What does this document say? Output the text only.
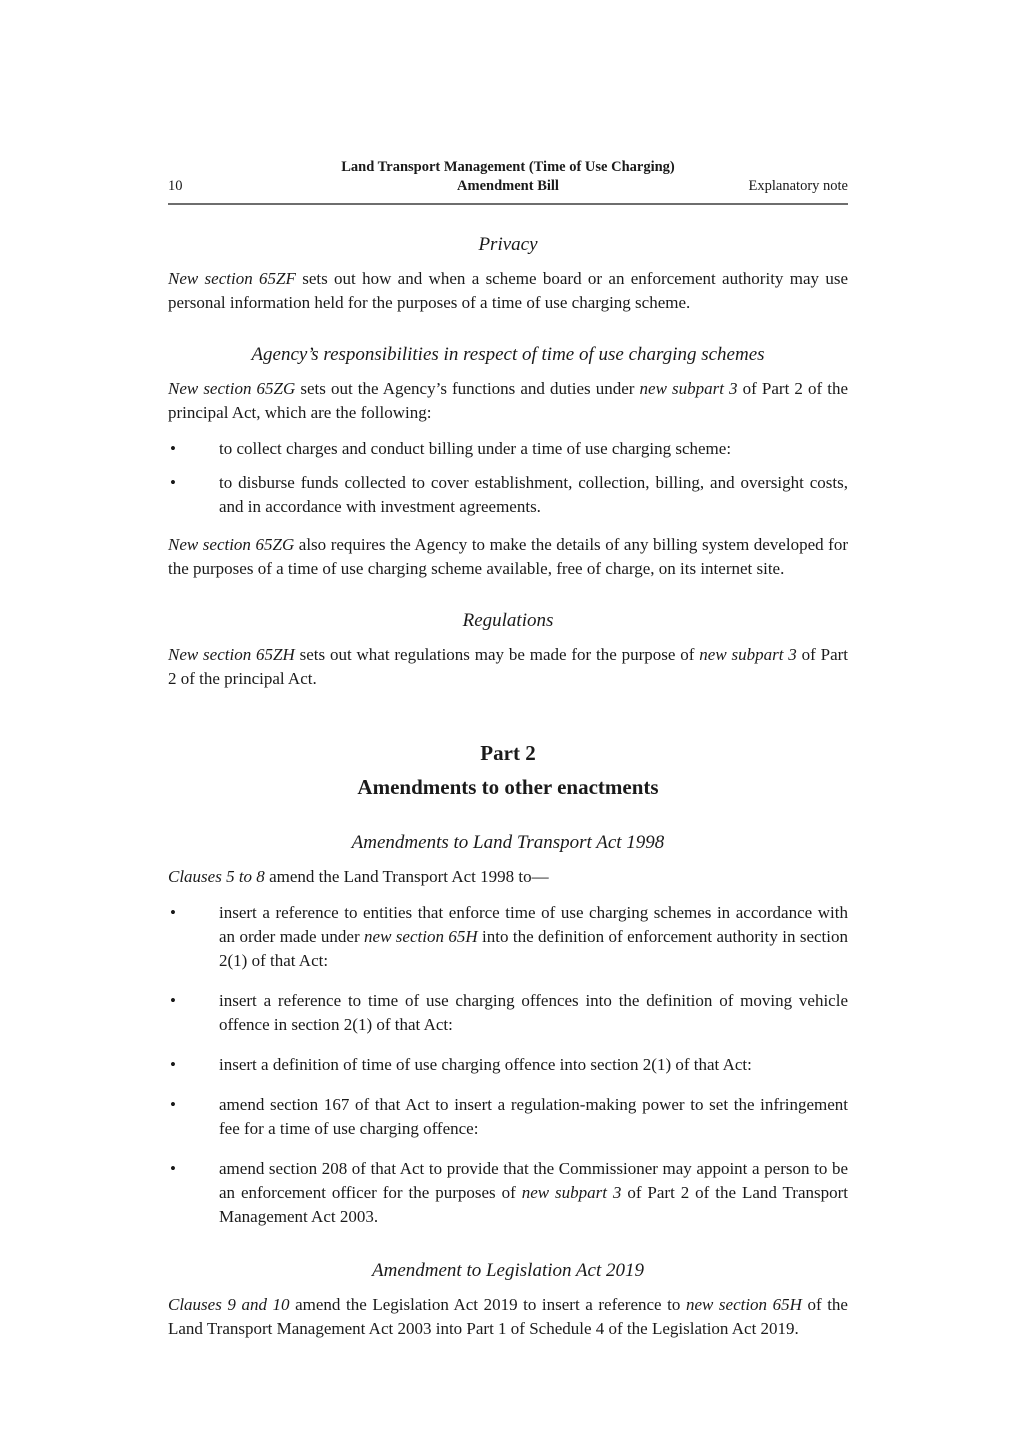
Land Transport Management (Time of Use Charging)
Amendment Bill
10	Explanatory note
Privacy

New section 65ZF sets out how and when a scheme board or an enforcement authority may use personal information held for the purposes of a time of use charging scheme.

Agency’s responsibilities in respect of time of use charging schemes

New section 65ZG sets out the Agency’s functions and duties under new subpart 3 of Part 2 of the principal Act, which are the following:

•	to collect charges and conduct billing under a time of use charging scheme:
•	to disburse funds collected to cover establishment, collection, billing, and oversight costs, and in accordance with investment agreements.

New section 65ZG also requires the Agency to make the details of any billing system developed for the purposes of a time of use charging scheme available, free of charge, on its internet site.

Regulations

New section 65ZH sets out what regulations may be made for the purpose of new subpart 3 of Part 2 of the principal Act.

Part 2

Amendments to other enactments

Amendments to Land Transport Act 1998

Clauses 5 to 8 amend the Land Transport Act 1998 to—

•	insert a reference to entities that enforce time of use charging schemes in accordance with an order made under new section 65H into the definition of enforcement authority in section 2(1) of that Act:
•	insert a reference to time of use charging offences into the definition of moving vehicle offence in section 2(1) of that Act:
•	insert a definition of time of use charging offence into section 2(1) of that Act:
•	amend section 167 of that Act to insert a regulation-making power to set the infringement fee for a time of use charging offence:
•	amend section 208 of that Act to provide that the Commissioner may appoint a person to be an enforcement officer for the purposes of new subpart 3 of Part 2 of the Land Transport Management Act 2003.
Amendment to Legislation Act 2019

Clauses 9 and 10 amend the Legislation Act 2019 to insert a reference to new section 65H of the Land Transport Management Act 2003 into Part 1 of Schedule 4 of the Legislation Act 2019.
